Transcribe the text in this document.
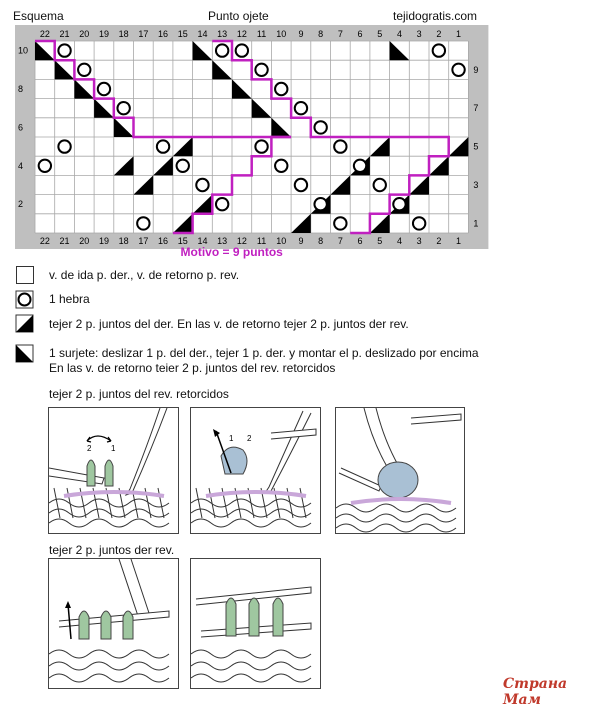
Esquema	Punto ojete	tejidogratis.com
22
22
21
21
20
20
19
19
18
18
17
17
16
16
15
15
14
14
13
13
12
12
11
11
10
10
9
9
8
8
7
7
6
6
5
5
4
4
3
3
2
2
1
1
10
8
6
4
2
9
7
5
3
1
Motivo = 9 puntos
v. de ida p. der., v. de retorno p. rev.
1 hebra
tejer 2 p. juntos del der. En las v. de retorno tejer 2 p. juntos der rev.
1 surjete: deslizar 1 p. del der., tejer 1 p. der. y montar el p. deslizado por encima
En las v. de retorno teier 2 p. juntos del rev. retorcidos
tejer 2 p. juntos del rev. retorcidos
2 1
1 2
tejer 2 p. juntos der rev.
Страна Мам
